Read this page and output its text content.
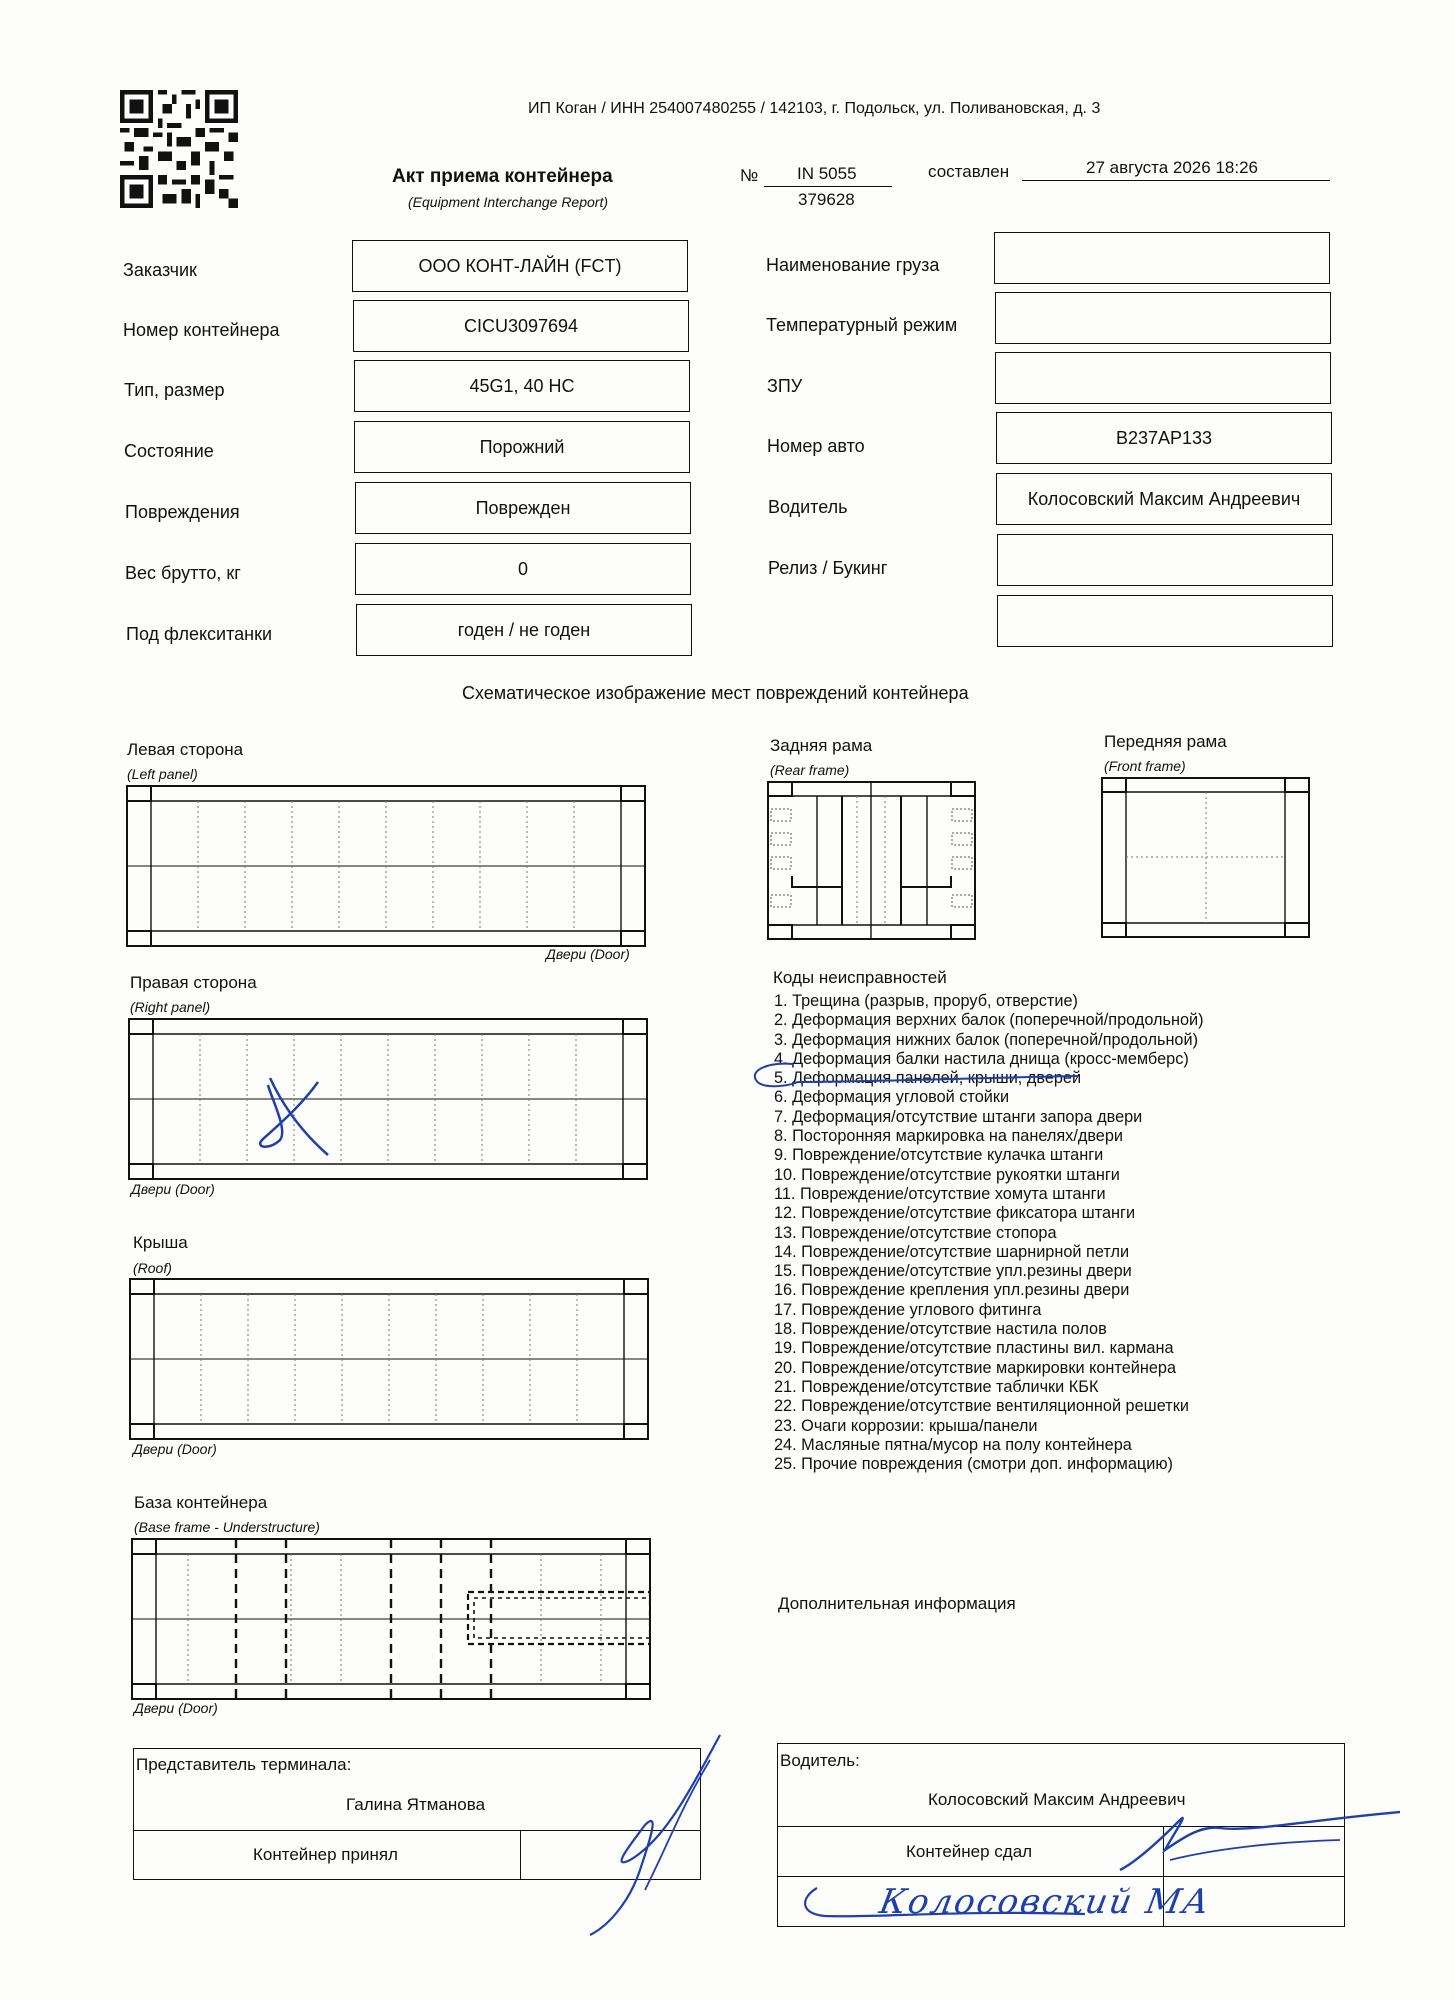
ИП Коган / ИНН 254007480255 / 142103, г. Подольск, ул. Поливановская, д. 3
Акт приема контейнера
(Equipment Interchange Report)
№ IN 5055
379628
составлен	27 августа 2026 18:26
Заказчик	ООО КОНТ-ЛАЙН (FCT)
Номер контейнера	CICU3097694
Тип, размер	45G1, 40 HC
Состояние	Порожний
Повреждения	Поврежден
Вес брутто, кг	0
Под флекситанки	годен / не годен
Наименование груза
Температурный режим
ЗПУ
Номер авто	В237АР133
Водитель	Колосовский Максим Андреевич
Релиз / Букинг
Схематическое изображение мест повреждений контейнера
Левая сторона
(Left panel)
Двери (Door)
Правая сторона
(Right panel)
Двери (Door)
Крыша
(Roof)
Двери (Door)
База контейнера
(Base frame - Understructure)
Двери (Door)
Задняя рама
(Rear frame)
Передняя рама
(Front frame)
Коды неисправностей
1. Трещина (разрыв, проруб, отверстие)
2. Деформация верхних балок (поперечной/продольной)
3. Деформация нижних балок (поперечной/продольной)
4. Деформация балки настила днища (кросс-мемберс)
5. Деформация панелей, крыши, дверей
6. Деформация угловой стойки
7. Деформация/отсутствие штанги запора двери
8. Посторонняя маркировка на панелях/двери
9. Повреждение/отсутствие кулачка штанги
10. Повреждение/отсутствие рукоятки штанги
11. Повреждение/отсутствие хомута штанги
12. Повреждение/отсутствие фиксатора штанги
13. Повреждение/отсутствие стопора
14. Повреждение/отсутствие шарнирной петли
15. Повреждение/отсутствие упл.резины двери
16. Повреждение крепления упл.резины двери
17. Повреждение углового фитинга
18. Повреждение/отсутствие настила полов
19. Повреждение/отсутствие пластины вил. кармана
20. Повреждение/отсутствие маркировки контейнера
21. Повреждение/отсутствие таблички КБК
22. Повреждение/отсутствие вентиляционной решетки
23. Очаги коррозии: крыша/панели
24. Масляные пятна/мусор на полу контейнера
25. Прочие повреждения (смотри доп. информацию)
Дополнительная информация
Представитель терминала:
Галина Ятманова
Контейнер принял
Водитель:
Колосовский Максим Андреевич
Контейнер сдал
Колосовский МА
